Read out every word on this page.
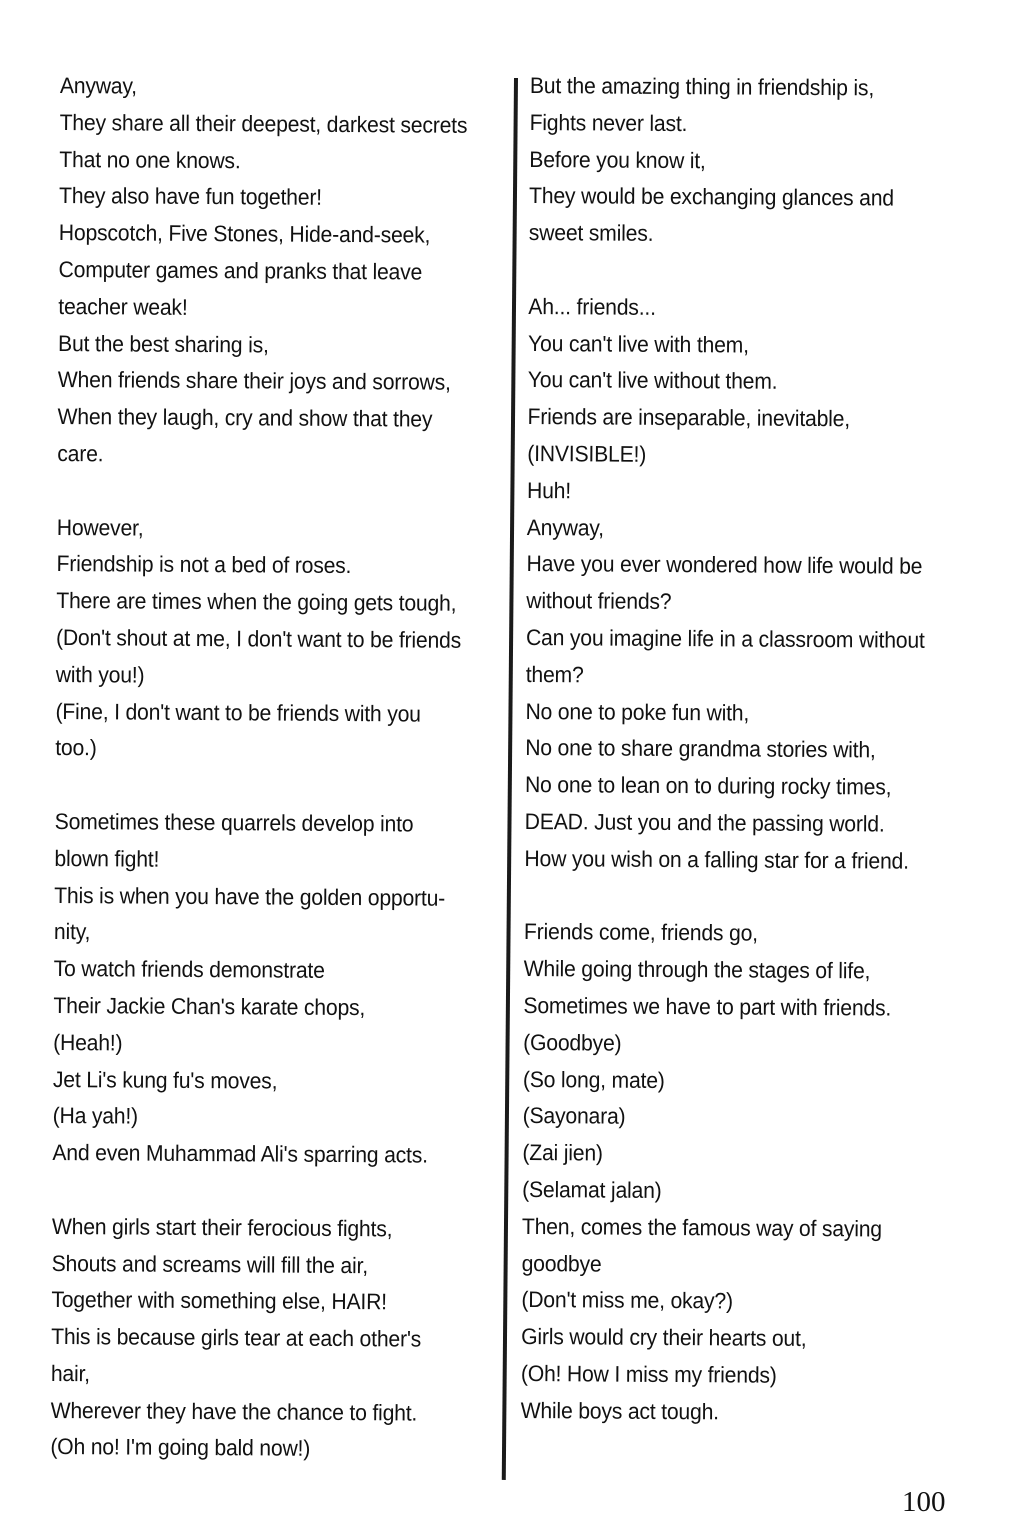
Anyway,
They share all their deepest, darkest secrets
That no one knows.
They also have fun together!
Hopscotch, Five Stones, Hide-and-seek,
Computer games and pranks that leave
teacher weak!
But the best sharing is,
When friends share their joys and sorrows,
When they laugh, cry and show that they
care.
However,
Friendship is not a bed of roses.
There are times when the going gets tough,
(Don't shout at me, I don't want to be friends
with you!)
(Fine, I don't want to be friends with you
too.)
Sometimes these quarrels develop into
blown fight!
This is when you have the golden opportu-
nity,
To watch friends demonstrate
Their Jackie Chan's karate chops,
(Heah!)
Jet Li's kung fu's moves,
(Ha yah!)
And even Muhammad Ali's sparring acts.
When girls start their ferocious fights,
Shouts and screams will fill the air,
Together with something else, HAIR!
This is because girls tear at each other's
hair,
Wherever they have the chance to fight.
(Oh no! I'm going bald now!)
But the amazing thing in friendship is,
Fights never last.
Before you know it,
They would be exchanging glances and
sweet smiles.
Ah... friends...
You can't live with them,
You can't live without them.
Friends are inseparable, inevitable,
(INVISIBLE!)
Huh!
Anyway,
Have you ever wondered how life would be
without friends?
Can you imagine life in a classroom without
them?
No one to poke fun with,
No one to share grandma stories with,
No one to lean on to during rocky times,
DEAD. Just you and the passing world.
How you wish on a falling star for a friend.
Friends come, friends go,
While going through the stages of life,
Sometimes we have to part with friends.
(Goodbye)
(So long, mate)
(Sayonara)
(Zai jien)
(Selamat jalan)
Then, comes the famous way of saying
goodbye
(Don't miss me, okay?)
Girls would cry their hearts out,
(Oh! How I miss my friends)
While boys act tough.
100
